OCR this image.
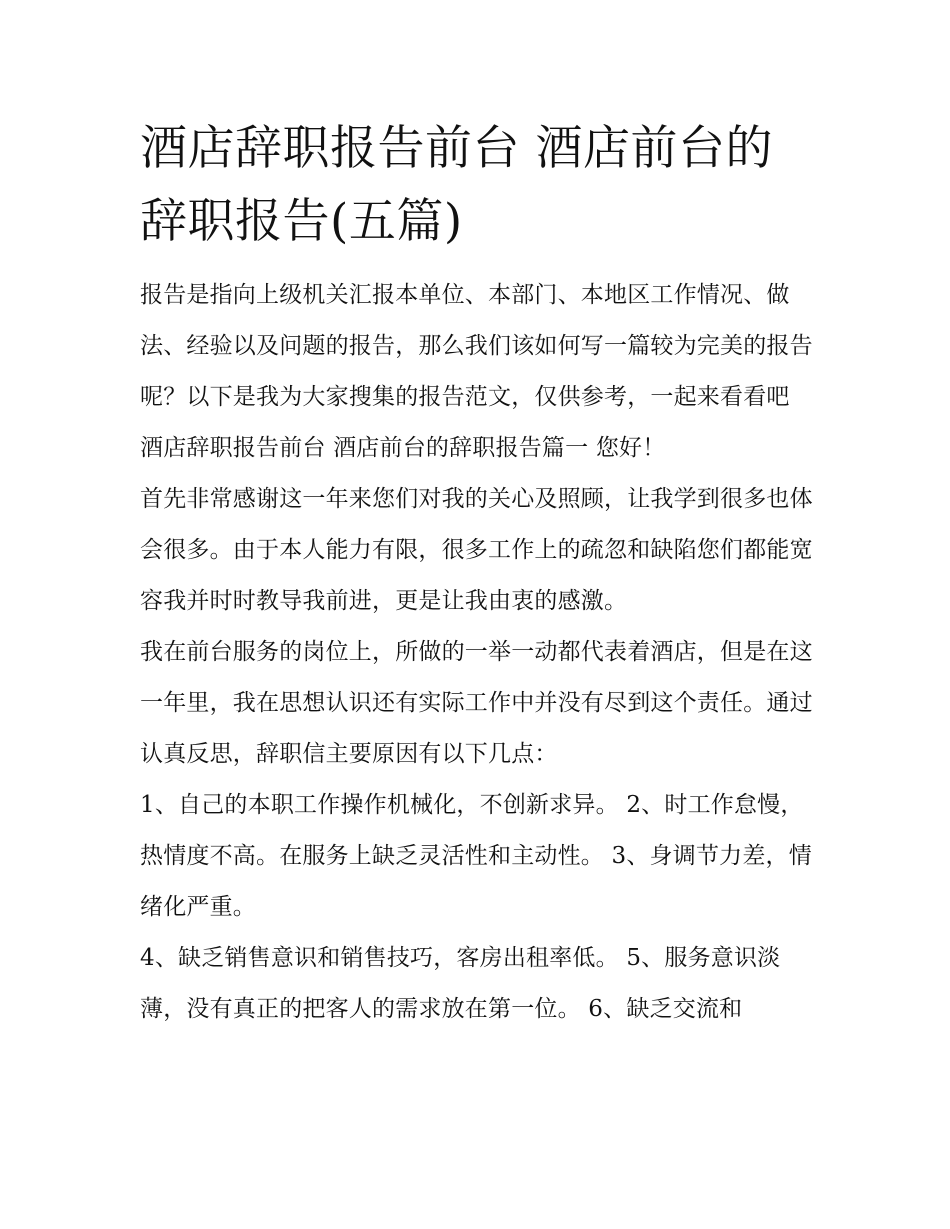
酒店辞职报告前台 酒店前台的辞职报告(五篇)

报告是指向上级机关汇报本单位、本部门、本地区工作情况、做法、经验以及问题的报告，那么我们该如何写一篇较为完美的报告呢？以下是我为大家搜集的报告范文，仅供参考，一起来看看吧

酒店辞职报告前台 酒店前台的辞职报告篇一 您好！

首先非常感谢这一年来您们对我的关心及照顾，让我学到很多也体会很多。由于本人能力有限，很多工作上的疏忽和缺陷您们都能宽容我并时时教导我前进，更是让我由衷的感激。

我在前台服务的岗位上，所做的一举一动都代表着酒店，但是在这一年里，我在思想认识还有实际工作中并没有尽到这个责任。通过认真反思，辞职信主要原因有以下几点：

1、自己的本职工作操作机械化，不创新求异。 2、时工作怠慢，热情度不高。在服务上缺乏灵活性和主动性。 3、身调节力差，情绪化严重。

4、缺乏销售意识和销售技巧，客房出租率低。 5、服务意识淡薄，没有真正的把客人的需求放在第一位。 6、缺乏交流和
